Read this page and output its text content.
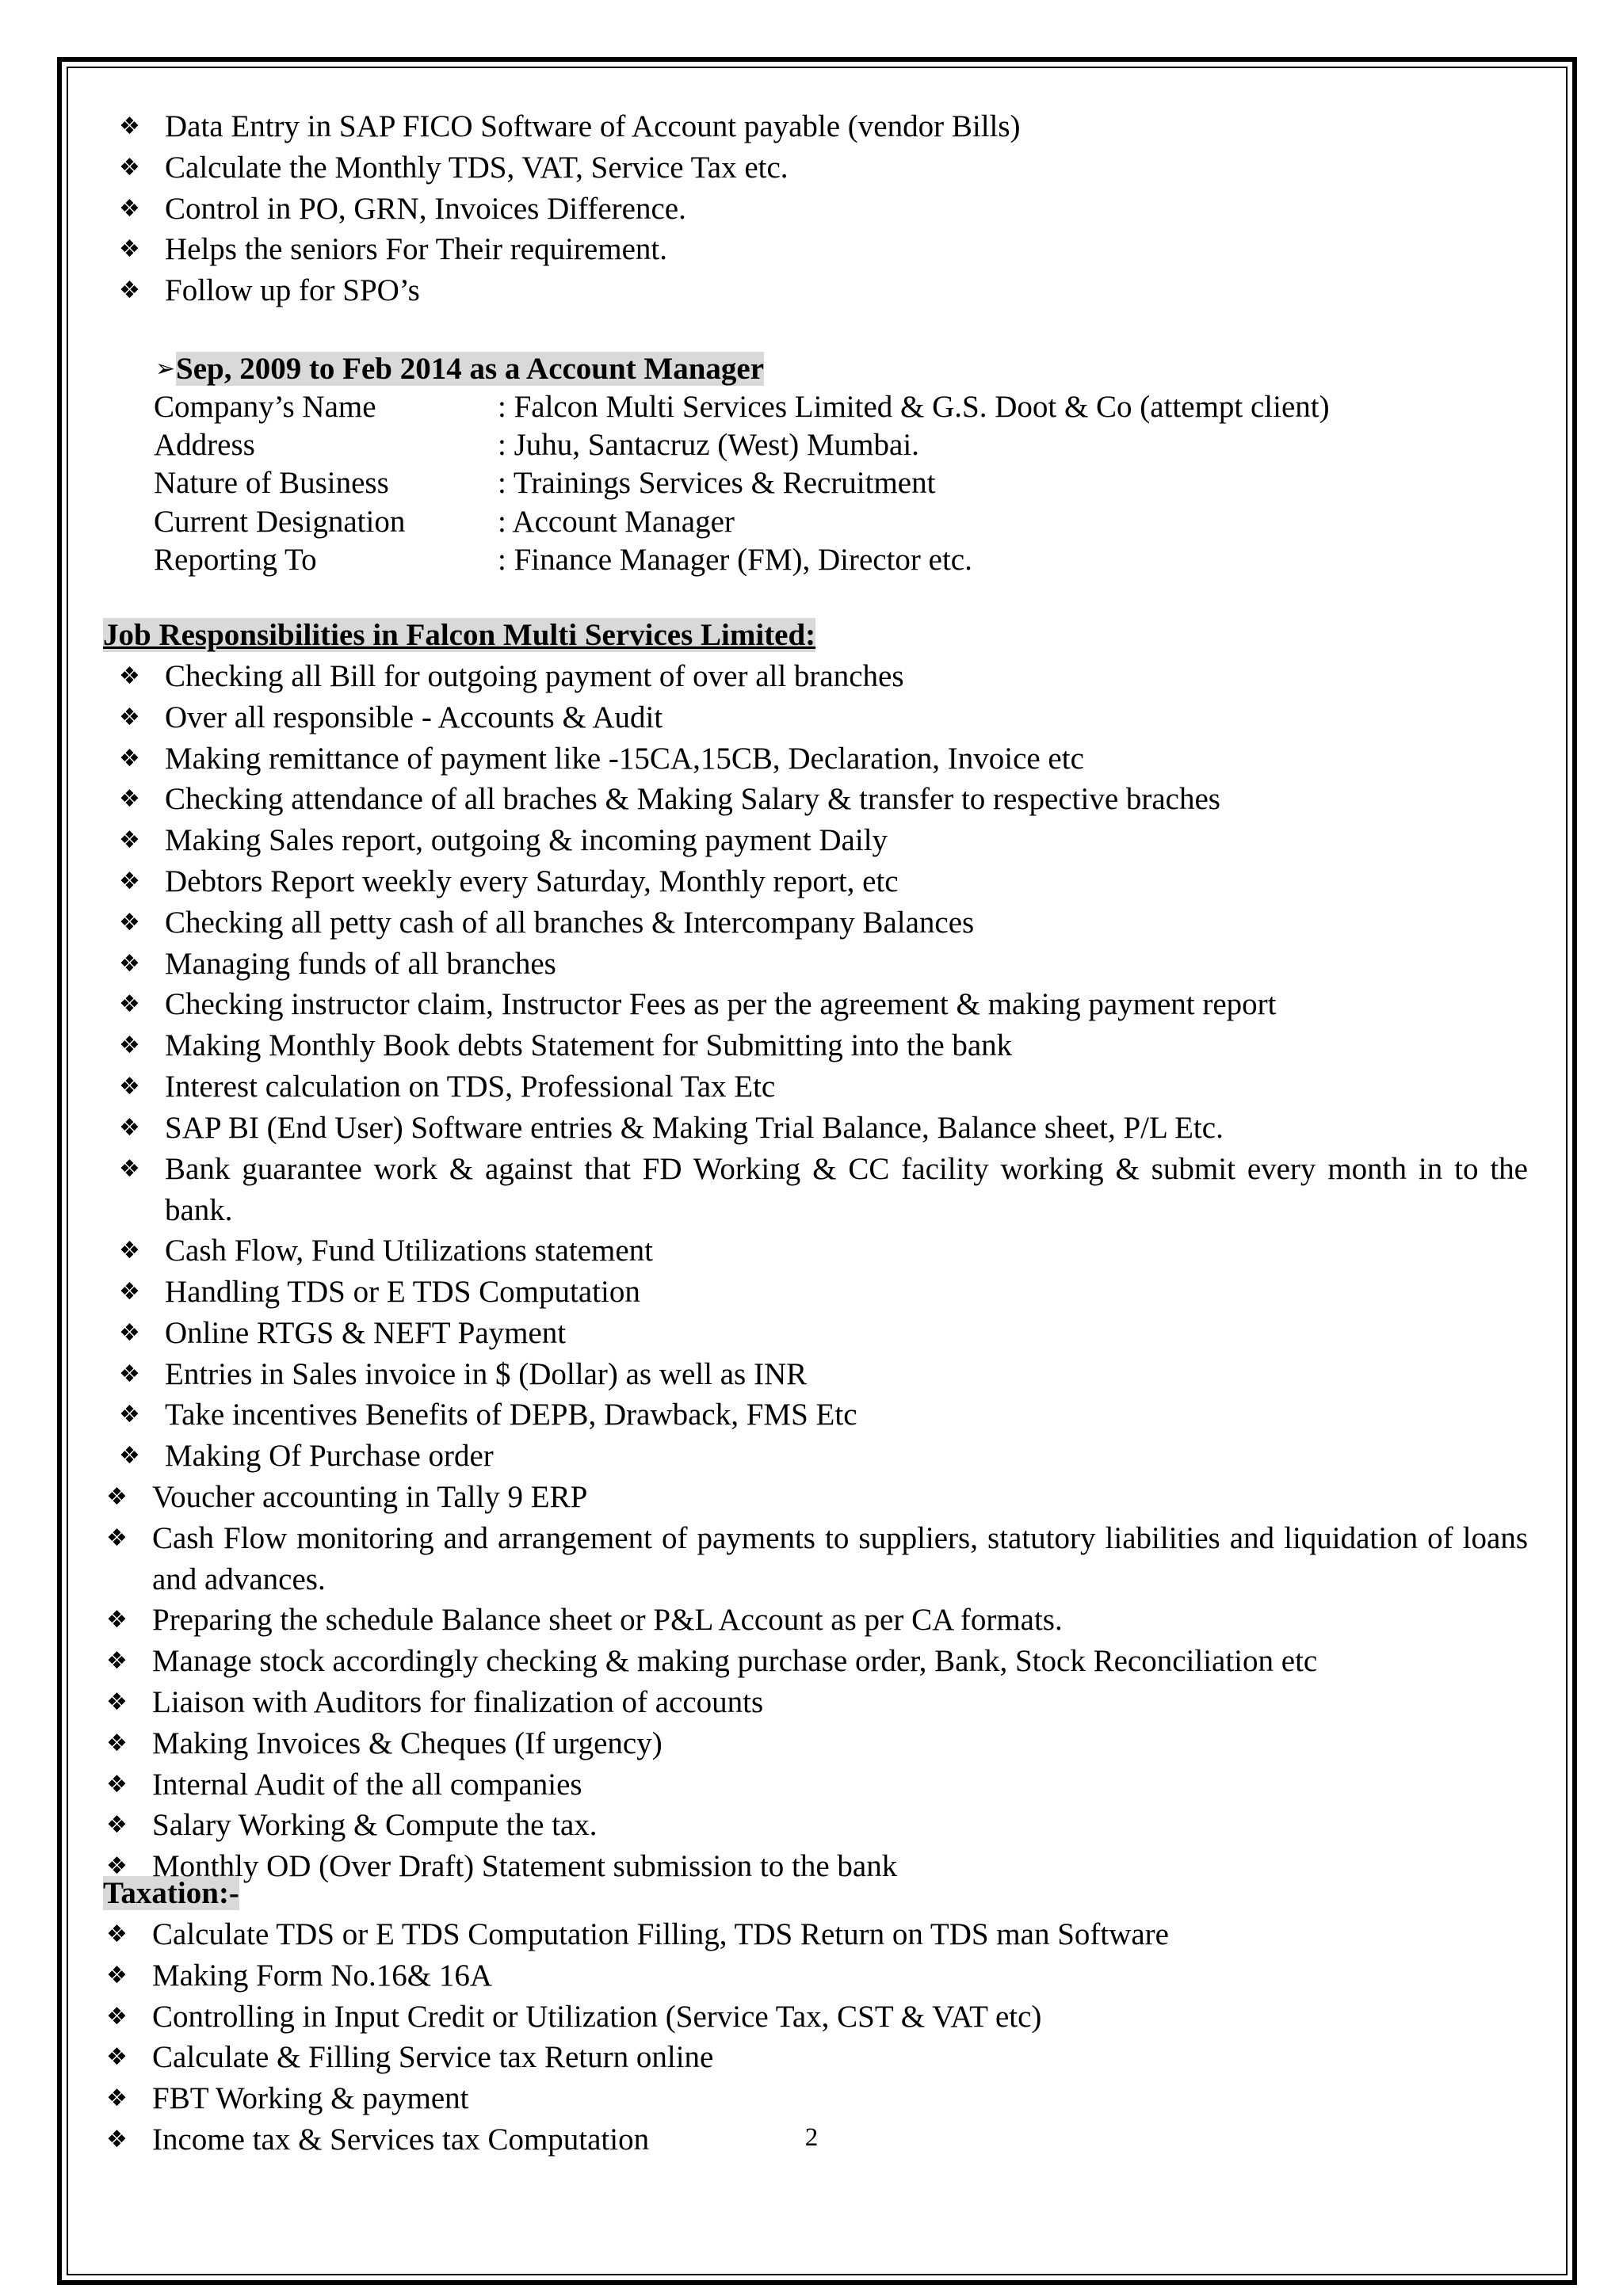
Sep, 2009 to Feb 2014 as a Account Manager
➢
Job Responsibilities in Falcon Multi Services Limited:
Taxation:-
2
❖ Data Entry in SAP FICO Software of Account payable (vendor Bills)
❖ Calculate the Monthly TDS, VAT, Service Tax etc.
❖ Control in PO, GRN, Invoices Difference.
❖ Helps the seniors For Their requirement.
❖ Follow up for SPO’s
Company’s Name	: Falcon Multi Services Limited & G.S. Doot & Co (attempt client)
Address	: Juhu, Santacruz (West) Mumbai.
Nature of Business	: Trainings Services & Recruitment
Current Designation	: Account Manager
Reporting To	: Finance Manager (FM), Director etc.
❖ Checking all Bill for outgoing payment of over all branches
❖ Over all responsible - Accounts & Audit
❖ Making remittance of payment like -15CA,15CB, Declaration, Invoice etc
❖ Checking attendance of all braches & Making Salary & transfer to respective braches
❖ Making Sales report, outgoing & incoming payment Daily
❖ Debtors Report weekly every Saturday, Monthly report, etc
❖ Checking all petty cash of all branches & Intercompany Balances
❖ Managing funds of all branches
❖ Checking instructor claim, Instructor Fees as per the agreement & making payment report
❖ Making Monthly Book debts Statement for Submitting into the bank
❖ Interest calculation on TDS, Professional Tax Etc
❖ SAP BI (End User) Software entries & Making Trial Balance, Balance sheet, P/L Etc.
❖ Bank guarantee work & against that FD Working & CC facility working & submit every month in to the bank.
❖ Cash Flow, Fund Utilizations statement
❖ Handling TDS or E TDS Computation
❖ Online RTGS & NEFT Payment
❖ Entries in Sales invoice in $ (Dollar) as well as INR
❖ Take incentives Benefits of DEPB, Drawback, FMS Etc
❖ Making Of Purchase order
❖ Voucher accounting in Tally 9 ERP
❖ Cash Flow monitoring and arrangement of payments to suppliers, statutory liabilities and liquidation of loans and advances.
❖ Preparing the schedule Balance sheet or P&L Account as per CA formats.
❖ Manage stock accordingly checking & making purchase order, Bank, Stock Reconciliation etc
❖ Liaison with Auditors for finalization of accounts
❖ Making Invoices & Cheques (If urgency)
❖ Internal Audit of the all companies
❖ Salary Working & Compute the tax.
❖ Monthly OD (Over Draft) Statement submission to the bank
❖ Calculate TDS or E TDS Computation Filling, TDS Return on TDS man Software
❖ Making Form No.16& 16A
❖ Controlling in Input Credit or Utilization (Service Tax, CST & VAT etc)
❖ Calculate & Filling Service tax Return online
❖ FBT Working & payment
❖ Income tax & Services tax Computation
